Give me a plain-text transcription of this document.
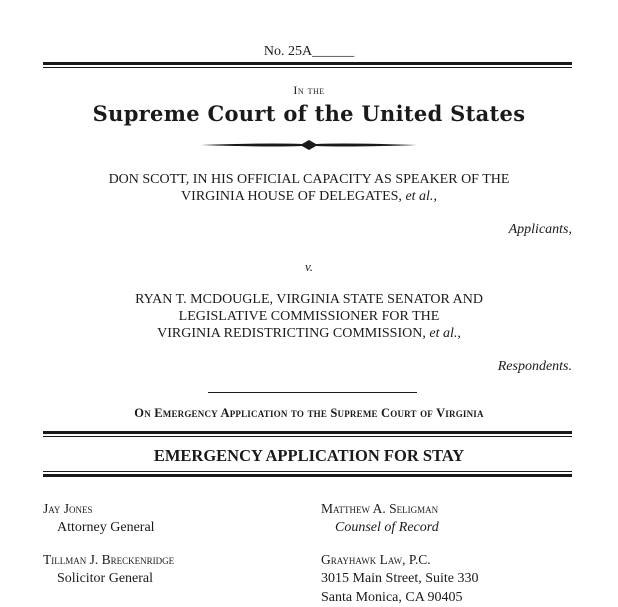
No. 25A______
In the
Supreme Court of the United States
DON SCOTT, IN HIS OFFICIAL CAPACITY AS SPEAKER OF THE
VIRGINIA HOUSE OF DELEGATES, et al.,
Applicants,
v.
RYAN T. MCDOUGLE, VIRGINIA STATE SENATOR AND
LEGISLATIVE COMMISSIONER FOR THE
VIRGINIA REDISTRICTING COMMISSION, et al.,
Respondents.
On Emergency Application to the Supreme Court of Virginia
EMERGENCY APPLICATION FOR STAY
Jay Jones
Attorney General
Tillman J. Breckenridge
Solicitor General
Matthew A. Seligman
Counsel of Record
Grayhawk Law, P.C.
3015 Main Street, Suite 330
Santa Monica, CA 90405
